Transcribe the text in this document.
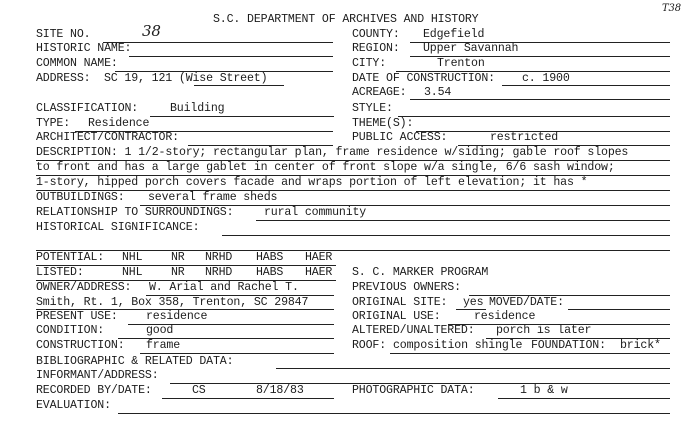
S.C. DEPARTMENT OF ARCHIVES AND HISTORY
T38
SITE NO.	38
HISTORIC NAME:
COMMON NAME:
ADDRESS: SC 19, 121 (Wise Street)
COUNTY: Edgefield
REGION: Upper Savannah
CITY:	Trenton
DATE OF CONSTRUCTION: c. 1900
ACREAGE: 3.54
CLASSIFICATION:	Building
TYPE: Residence
ARCHITECT/CONTRACTOR:
STYLE:
THEME(S):
PUBLIC ACCESS:	restricted
DESCRIPTION: 1 1/2-story; rectangular plan, frame residence w/siding; gable roof slopes
to front and has a large gablet in center of front slope w/a single, 6/6 sash window;
1-story, hipped porch covers facade and wraps portion of left elevation; it has *
OUTBUILDINGS: several frame sheds
RELATIONSHIP TO SURROUNDINGS:	rural community
HISTORICAL SIGNIFICANCE:
POTENTIAL: NHL NR NRHD HABS HAER
LISTED:	NHL NR NRHD HABS HAER S. C. MARKER PROGRAM
OWNER/ADDRESS: W. Arial and Rachel T.
Smith, Rt. 1, Box 358, Trenton, SC 29847
PREVIOUS OWNERS:
ORIGINAL SITE: yes MOVED/DATE:
PRESENT USE: residence	ORIGINAL USE:	residence
CONDITION:	good	ALTERED/UNALTERED: porch is later
CONSTRUCTION: frame	ROOF: composition shingle FOUNDATION: brick*
BIBLIOGRAPHIC & RELATED DATA:
INFORMANT/ADDRESS:
RECORDED BY/DATE:	CS	8/18/83	PHOTOGRAPHIC DATA:	1 b & w
EVALUATION:
